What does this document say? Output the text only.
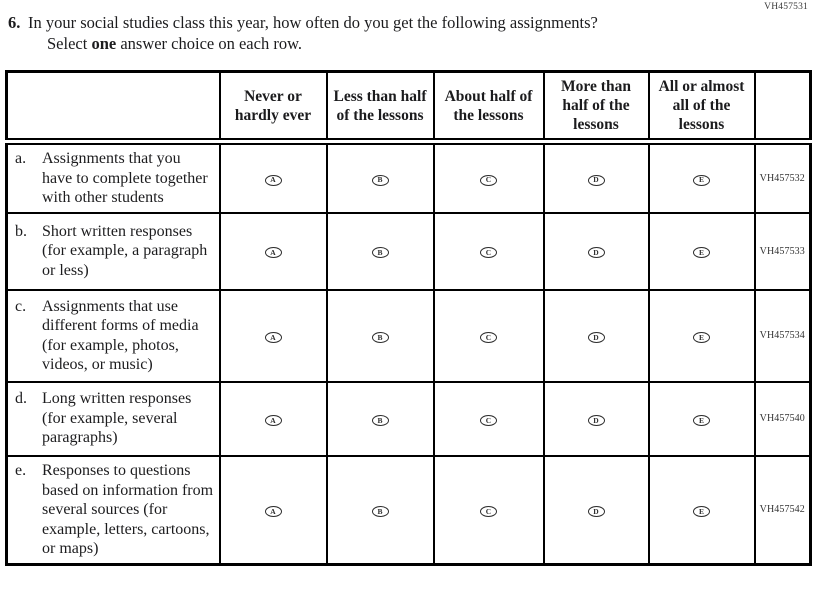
VH457531

6. In your social studies class this year, how often do you get the following assignments? Select one answer choice on each row.

	Never or hardly ever	Less than half of the lessons	About half of the lessons	More than half of the lessons	All or almost all of the lessons	

a. Assignments that you have to complete together with other students	A	B	C	D	E	VH457532

b. Short written responses (for example, a paragraph or less)	A	B	C	D	E	VH457533

c. Assignments that use different forms of media (for example, photos, videos, or music)	A	B	C	D	E	VH457534

d. Long written responses (for example, several paragraphs)	A	B	C	D	E	VH457540

e. Responses to questions based on information from several sources (for example, letters, cartoons, or maps)	A	B	C	D	E	VH457542
